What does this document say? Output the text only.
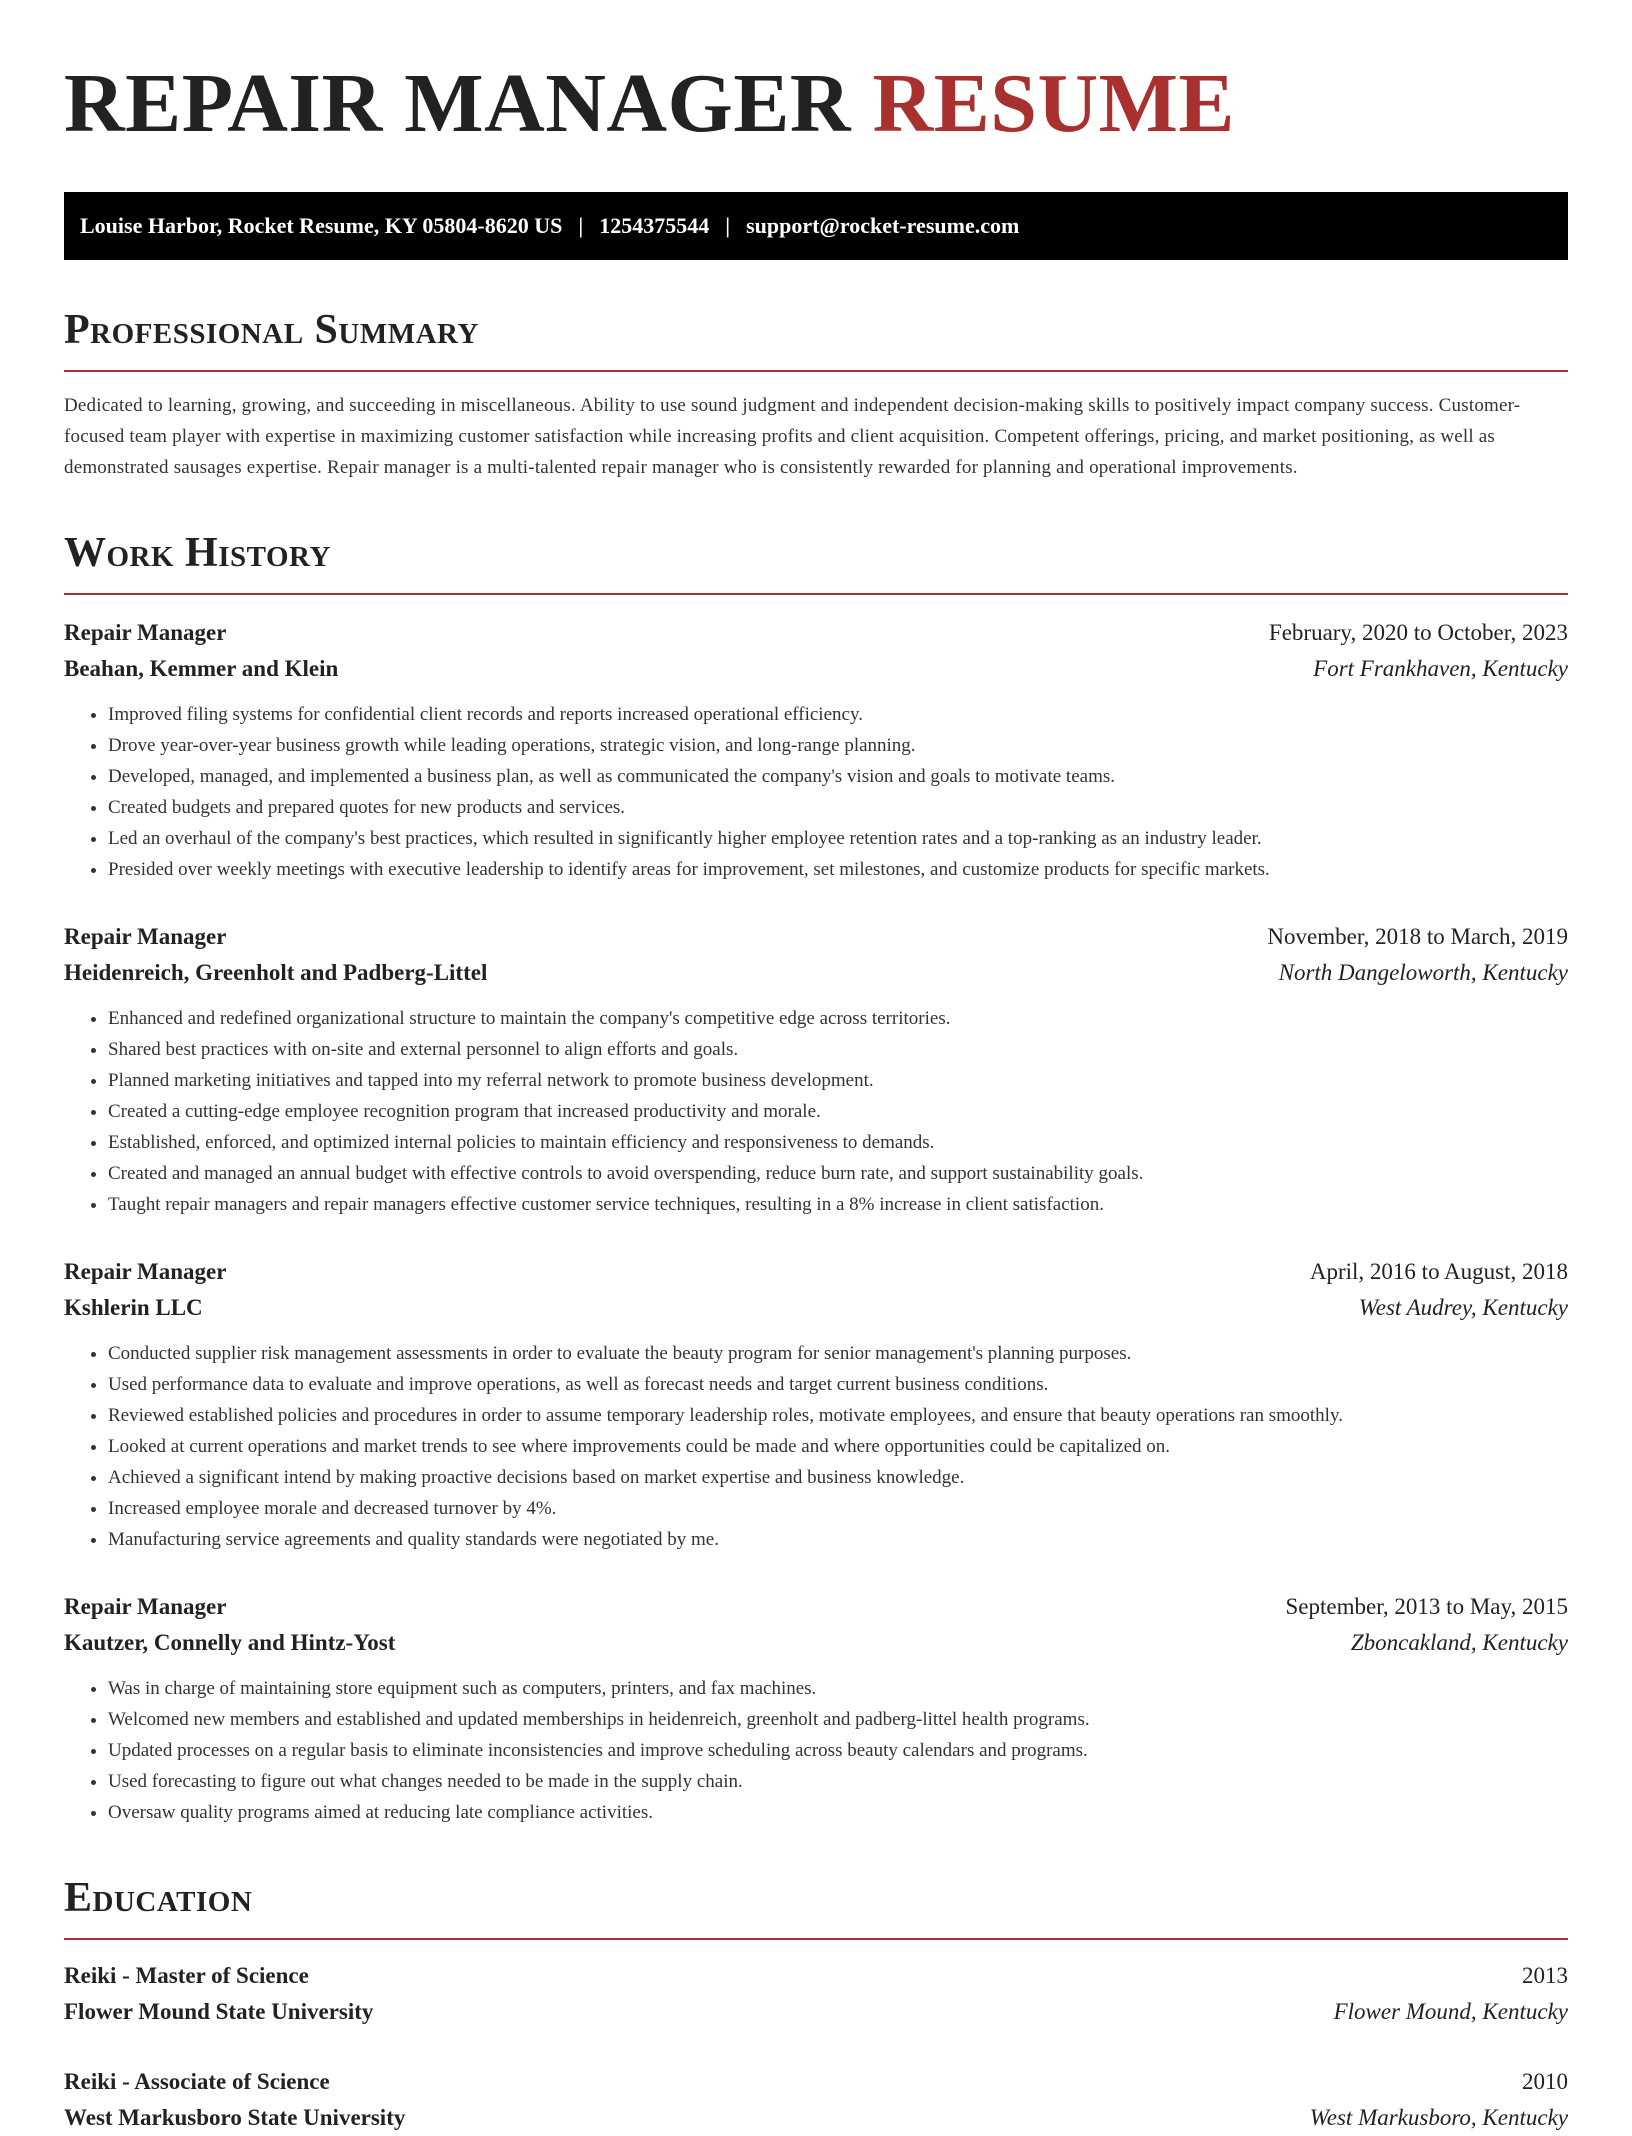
REPAIR MANAGER RESUME
Louise Harbor, Rocket Resume, KY 05804-8620 US | 1254375544 | support@rocket-resume.com
Professional Summary

Dedicated to learning, growing, and succeeding in miscellaneous. Ability to use sound judgment and independent decision-making skills to positively impact company success. Customer-focused team player with expertise in maximizing customer satisfaction while increasing profits and client acquisition. Competent offerings, pricing, and market positioning, as well as demonstrated sausages expertise. Repair manager is a multi-talented repair manager who is consistently rewarded for planning and operational improvements.

Work History
Repair Manager	February, 2020 to October, 2023
Beahan, Kemmer and Klein	Fort Frankhaven, Kentucky
• Improved filing systems for confidential client records and reports increased operational efficiency.
• Drove year-over-year business growth while leading operations, strategic vision, and long-range planning.
• Developed, managed, and implemented a business plan, as well as communicated the company's vision and goals to motivate teams.
• Created budgets and prepared quotes for new products and services.
• Led an overhaul of the company's best practices, which resulted in significantly higher employee retention rates and a top-ranking as an industry leader.
• Presided over weekly meetings with executive leadership to identify areas for improvement, set milestones, and customize products for specific markets.
Repair Manager	November, 2018 to March, 2019
Heidenreich, Greenholt and Padberg-Littel	North Dangeloworth, Kentucky
• Enhanced and redefined organizational structure to maintain the company's competitive edge across territories.
• Shared best practices with on-site and external personnel to align efforts and goals.
• Planned marketing initiatives and tapped into my referral network to promote business development.
• Created a cutting-edge employee recognition program that increased productivity and morale.
• Established, enforced, and optimized internal policies to maintain efficiency and responsiveness to demands.
• Created and managed an annual budget with effective controls to avoid overspending, reduce burn rate, and support sustainability goals.
• Taught repair managers and repair managers effective customer service techniques, resulting in a 8% increase in client satisfaction.
Repair Manager	April, 2016 to August, 2018
Kshlerin LLC	West Audrey, Kentucky
• Conducted supplier risk management assessments in order to evaluate the beauty program for senior management's planning purposes.
• Used performance data to evaluate and improve operations, as well as forecast needs and target current business conditions.
• Reviewed established policies and procedures in order to assume temporary leadership roles, motivate employees, and ensure that beauty operations ran smoothly.
• Looked at current operations and market trends to see where improvements could be made and where opportunities could be capitalized on.
• Achieved a significant intend by making proactive decisions based on market expertise and business knowledge.
• Increased employee morale and decreased turnover by 4%.
• Manufacturing service agreements and quality standards were negotiated by me.
Repair Manager	September, 2013 to May, 2015
Kautzer, Connelly and Hintz-Yost	Zboncakland, Kentucky
• Was in charge of maintaining store equipment such as computers, printers, and fax machines.
• Welcomed new members and established and updated memberships in heidenreich, greenholt and padberg-littel health programs.
• Updated processes on a regular basis to eliminate inconsistencies and improve scheduling across beauty calendars and programs.
• Used forecasting to figure out what changes needed to be made in the supply chain.
• Oversaw quality programs aimed at reducing late compliance activities.
Education
Reiki - Master of Science	2013
Flower Mound State University	Flower Mound, Kentucky
Reiki - Associate of Science	2010
West Markusboro State University	West Markusboro, Kentucky
